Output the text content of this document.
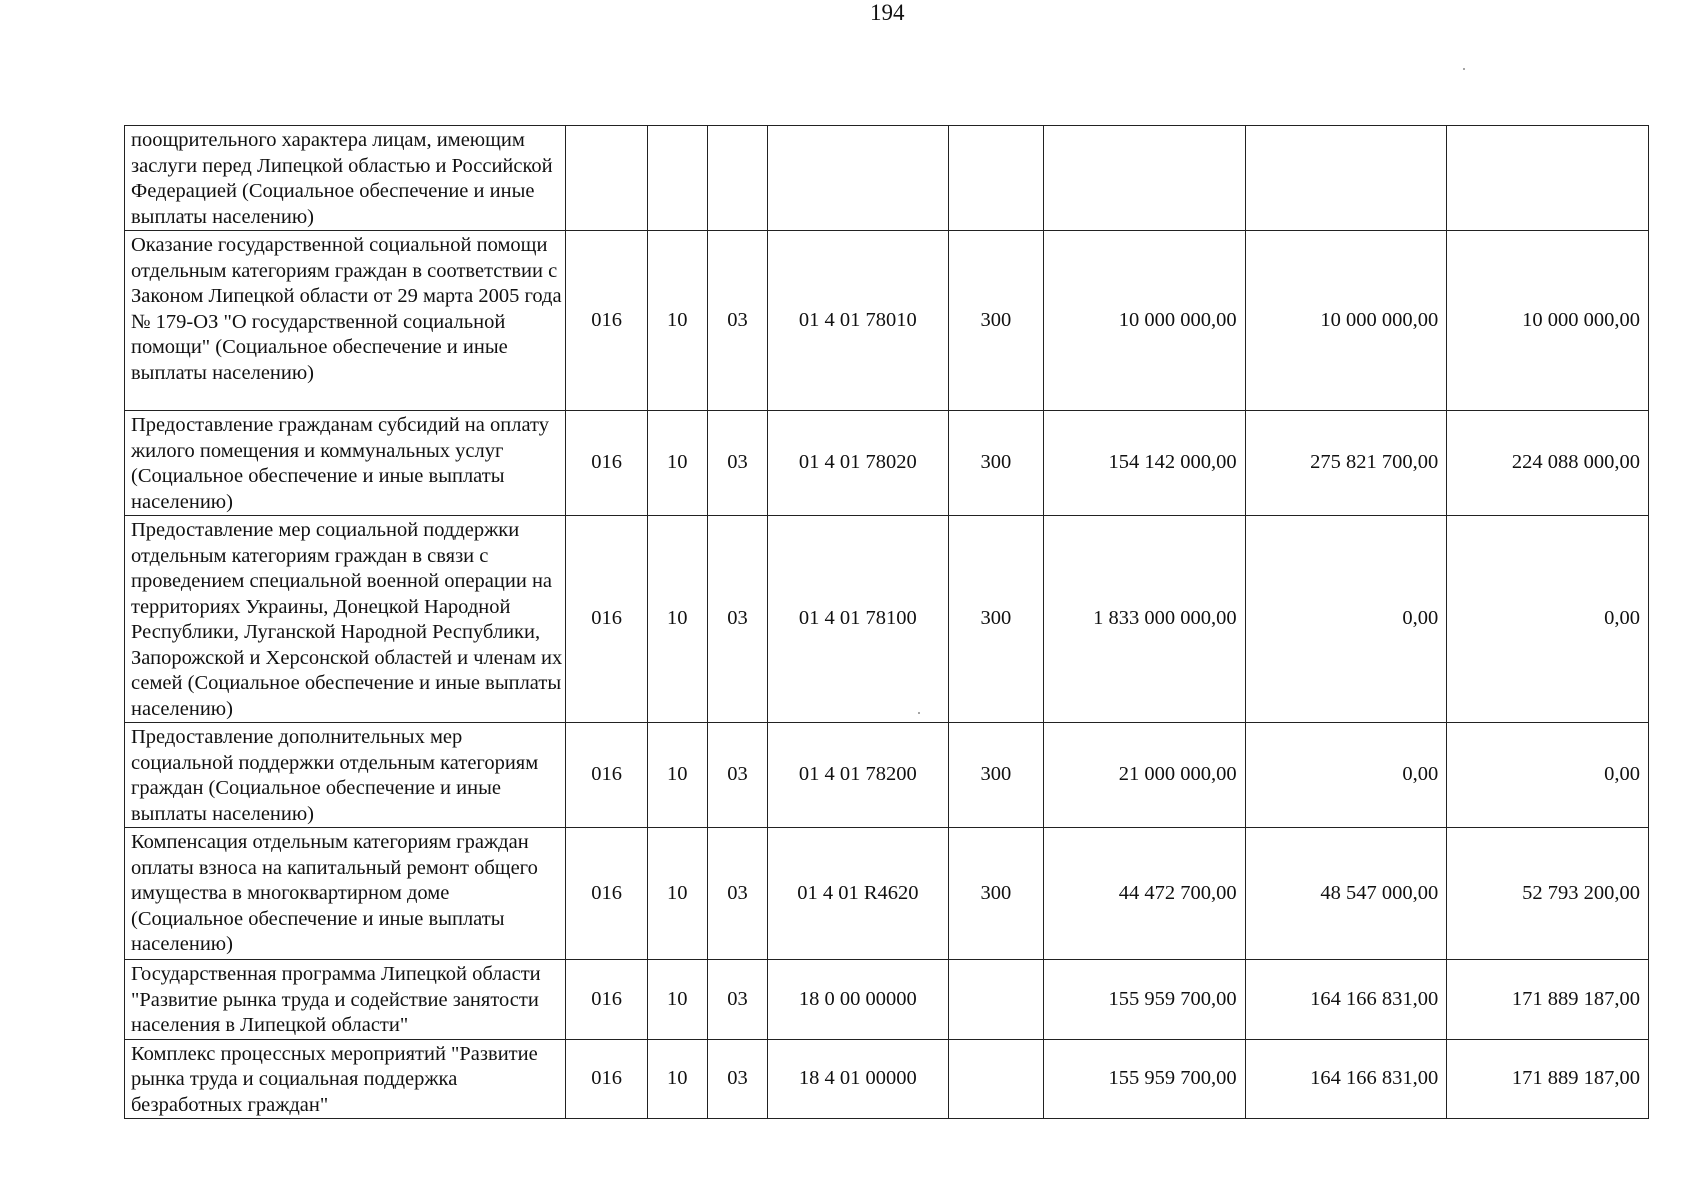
194
поощрительного характера лицам, имеющим заслуги перед Липецкой областью и Российской Федерацией (Социальное обеспечение и иные выплаты населению)								
Оказание государственной социальной помощи отдельным категориям граждан в соответствии с Законом Липецкой области от 29 марта 2005 года № 179-ОЗ "О государственной социальной помощи" (Социальное обеспечение и иные выплаты населению)	016	10	03	01 4 01 78010	300	10 000 000,00	10 000 000,00	10 000 000,00
Предоставление гражданам субсидий на оплату жилого помещения и коммунальных услуг (Социальное обеспечение и иные выплаты населению)	016	10	03	01 4 01 78020	300	154 142 000,00	275 821 700,00	224 088 000,00
Предоставление мер социальной поддержки отдельным категориям граждан в связи с проведением специальной военной операции на территориях Украины, Донецкой Народной Республики, Луганской Народной Республики, Запорожской и Херсонской областей и членам их семей (Социальное обеспечение и иные выплаты населению)	016	10	03	01 4 01 78100	300	1 833 000 000,00	0,00	0,00
Предоставление дополнительных мер социальной поддержки отдельным категориям граждан (Социальное обеспечение и иные выплаты населению)	016	10	03	01 4 01 78200	300	21 000 000,00	0,00	0,00
Компенсация отдельным категориям граждан оплаты взноса на капитальный ремонт общего имущества в многоквартирном доме (Социальное обеспечение и иные выплаты населению)	016	10	03	01 4 01 R4620	300	44 472 700,00	48 547 000,00	52 793 200,00
Государственная программа Липецкой области "Развитие рынка труда и содействие занятости населения в Липецкой области"	016	10	03	18 0 00 00000		155 959 700,00	164 166 831,00	171 889 187,00
Комплекс процессных мероприятий "Развитие рынка труда и социальная поддержка безработных граждан"	016	10	03	18 4 01 00000		155 959 700,00	164 166 831,00	171 889 187,00
